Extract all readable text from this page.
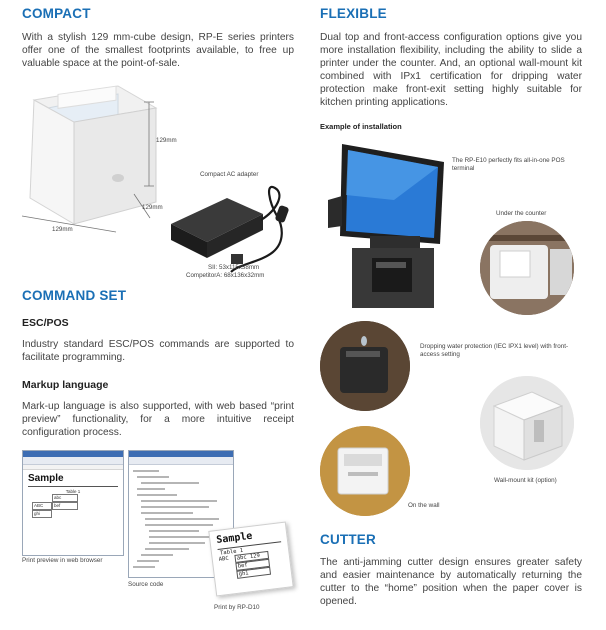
COMPACT
With a stylish 129 mm-cube design, RP-E series printers offer one of the smallest footprints available, to free up valuable space at the point-of-sale.
129mm
129mm
129mm
Compact AC adapter
SII: 53x115x38mm
CompetitorA: 68x136x32mm
COMMAND SET
ESC/POS
Industry standard ESC/POS commands are supported to facilitate programming.
Markup language
Mark-up language is also supported, with web based “print preview” functionality, for a more intuitive receipt configuration process.
Sample
Table 1
abc
ABC	bef
ghi
Print preview in web browser
Source code
Sample
Table 1
ABC	abc 129
bef
ghi
Print by RP-D10
FLEXIBLE
Dual top and front-access configuration options give you more installation flexibility, including the ability to slide a printer under the counter. And, an optional wall-mount kit combined with IPx1 certification for dripping water protection make front-exit setting highly suitable for kitchen printing applications.
Example of installation
The RP-E10 perfectly fits all-in-one POS terminal
Under the counter
Dropping water protection (IEC IPX1 level) with front-access setting
Wall-mount kit (option)
On the wall
CUTTER
The anti-jamming cutter design ensures greater safety and easier maintenance by automatically returning the cutter to the “home” position when the paper cover is opened.
